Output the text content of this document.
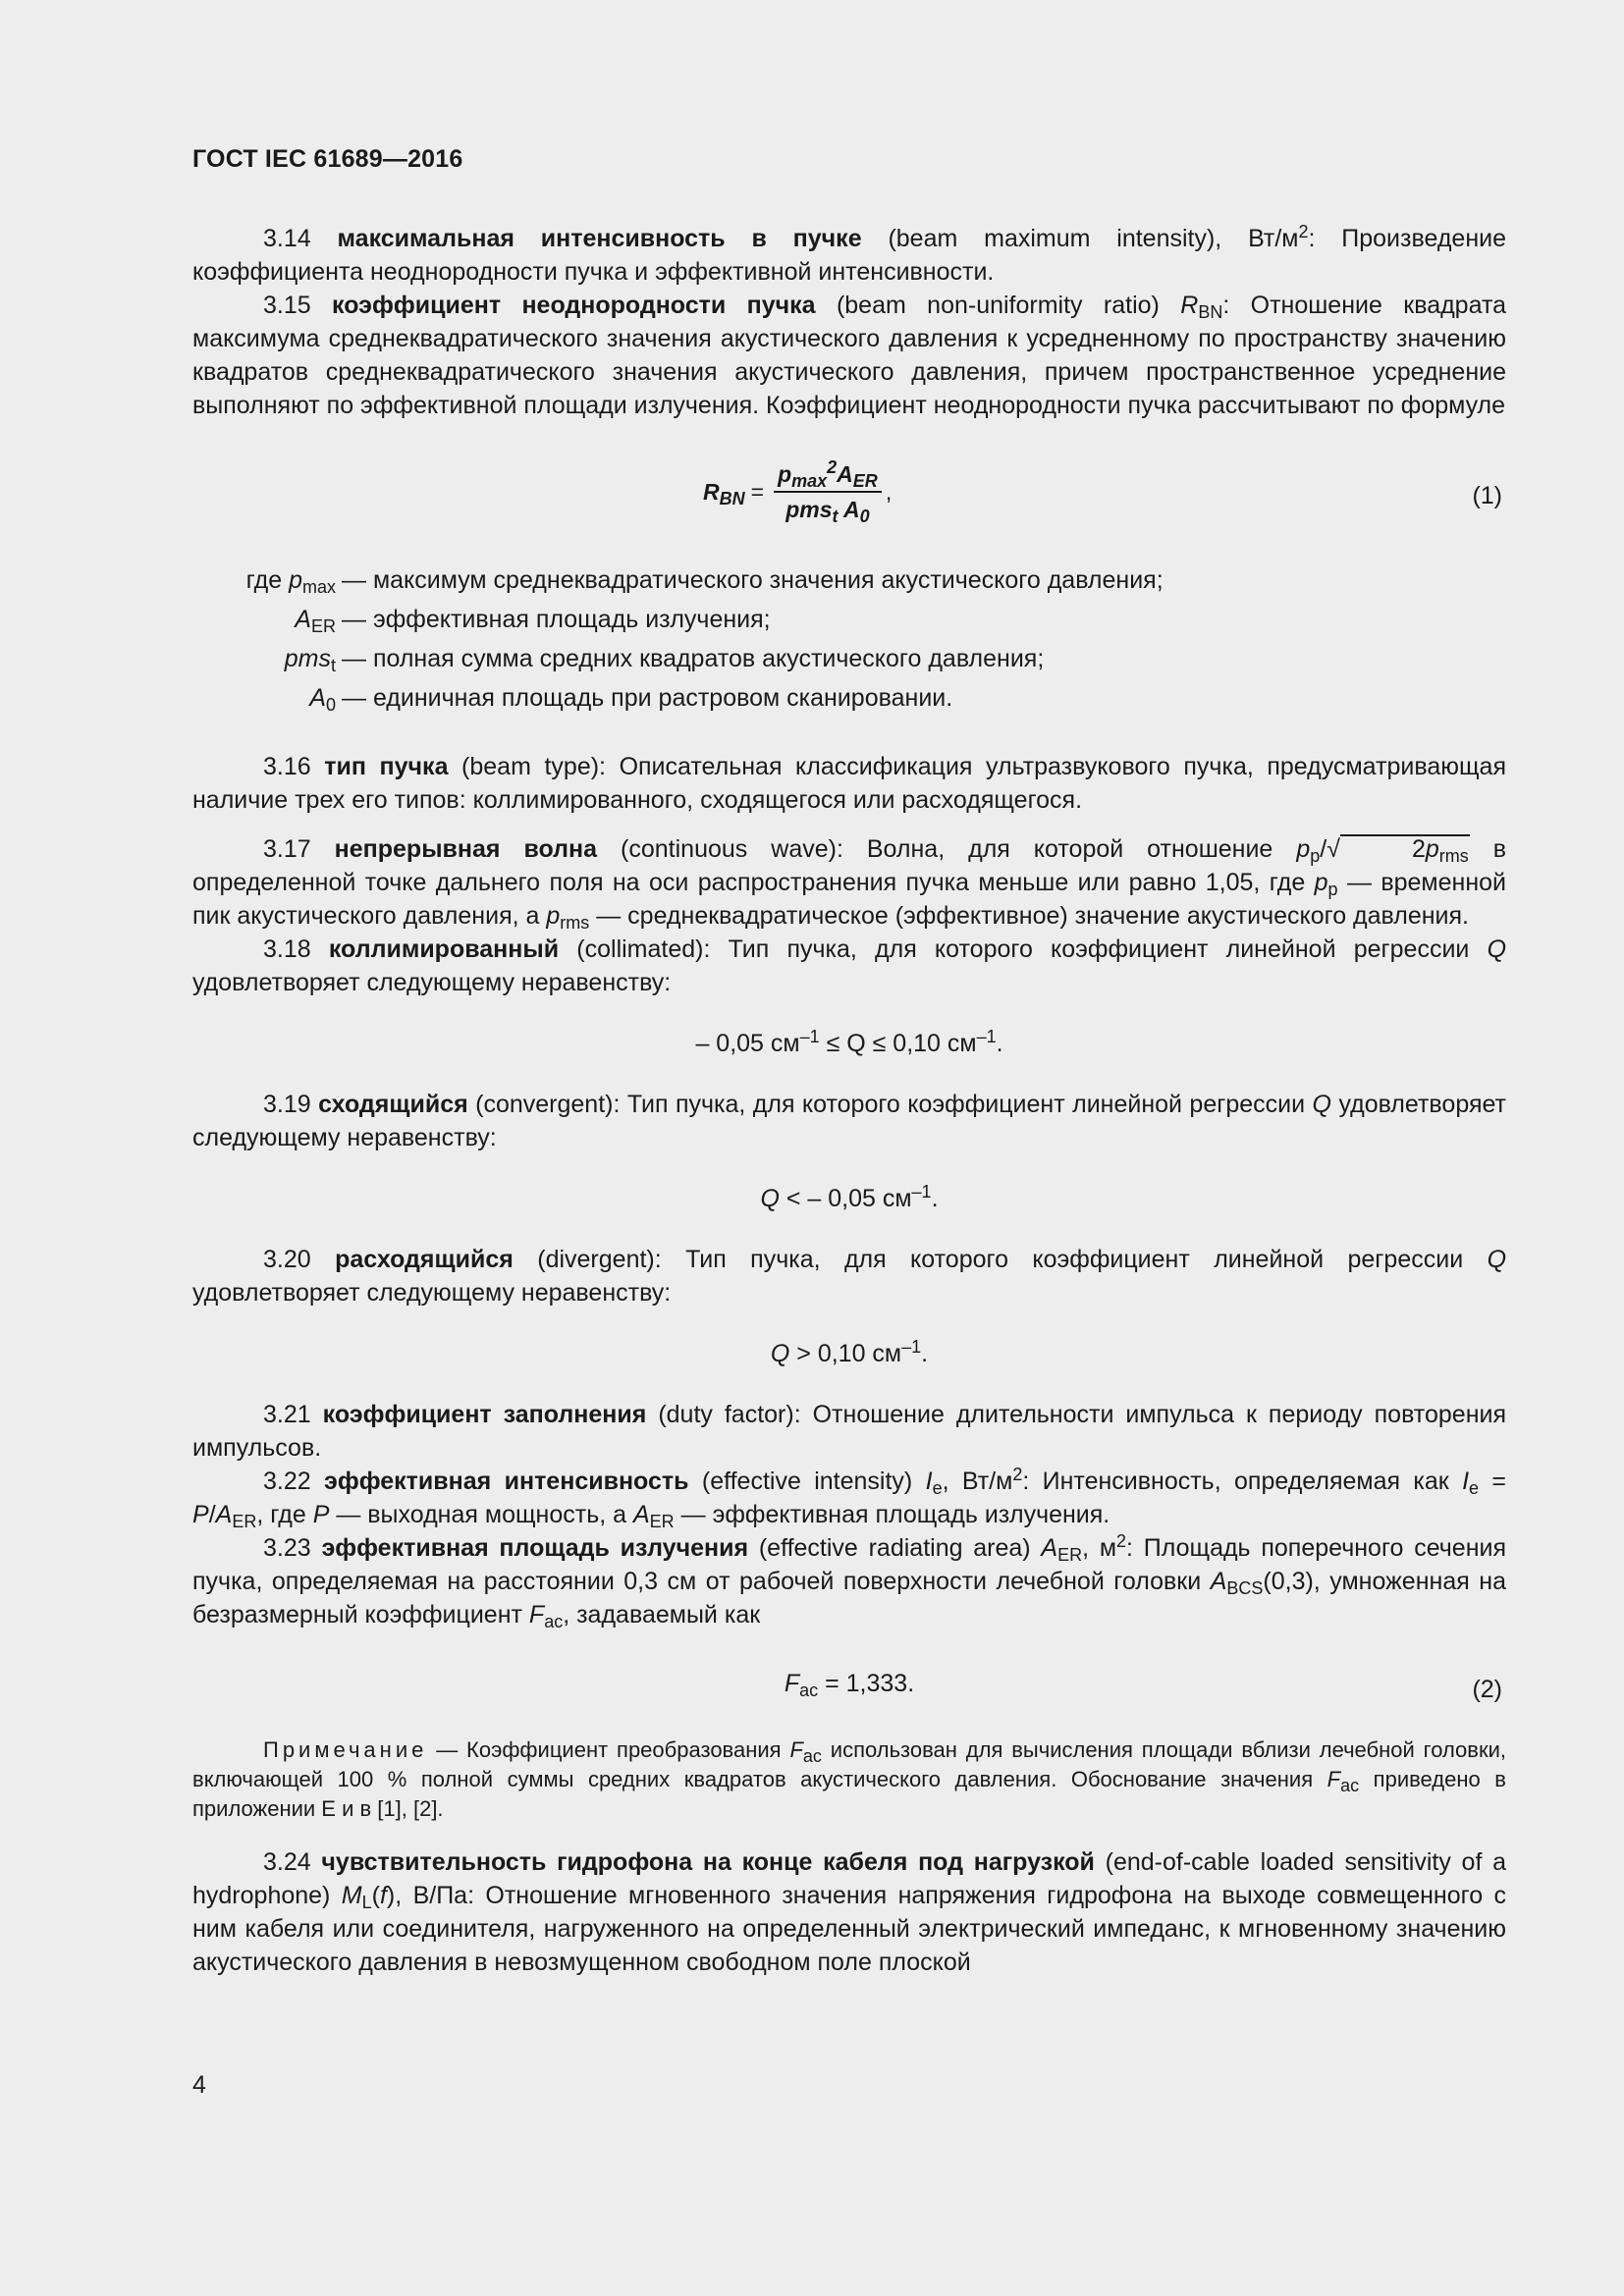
ГОСТ IEC 61689—2016

3.14 максимальная интенсивность в пучке (beam maximum intensity), $Вт/м^2$: Произведение коэффициента неоднородности пучка и эффективной интенсивности.

3.15 коэффициент неоднородности пучка (beam non-uniformity ratio) $R_{BN}$: Отношение квадрата максимума среднеквадратического значения акустического давления к усредненному по пространству значению квадратов среднеквадратического значения акустического давления, причем пространственное усреднение выполняют по эффективной площади излучения. Коэффициент неоднородности пучка рассчитывают по формуле

$R_{BN} = \frac{p_{max}^2A_{ER}}{pms_t A_0}$ ,	(1)
где $p_{max}$ — максимум среднеквадратического значения акустического давления;
$A_{ER}$ — эффективная площадь излучения;
pms$_t$ — полная сумма средних квадратов акустического давления;
$A_0$ — единичная площадь при растровом сканировании.

3.16 тип пучка (beam type): Описательная классификация ультразвукового пучка, предусматривающая наличие трех его типов: коллимированного, сходящегося или расходящегося.

3.17 непрерывная волна (continuous wave): Волна, для которой отношение $p_p/√$	$2p_{rms}$ в определенной точке дальнего поля на оси распространения пучка меньше или равно 1,05, где $p_p$ — временной пик акустического давления, а $p_{rms}$ — среднеквадратическое (эффективное) значение акустического давления.

3.18 коллимированный (collimated): Тип пучка, для которого коэффициент линейной регрессии Q удовлетворяет следующему неравенству:

– 0,05 $см^{-1} \le Q \le 0,10$ $см^{-1}$.

3.19 сходящийся (convergent): Тип пучка, для которого коэффициент линейной регрессии Q удовлетворяет следующему неравенству:

Q < – 0,05 $см^{-1}$.

3.20 расходящийся (divergent): Тип пучка, для которого коэффициент линейной регрессии Q удовлетворяет следующему неравенству:

Q > 0,10 $см^{-1}$.

3.21 коэффициент заполнения (duty factor): Отношение длительности импульса к периоду повторения импульсов.

3.22 эффективная интенсивность (effective intensity) $I_e$, $Вт/м^2$: Интенсивность, определяемая как $I_e = P/A_{ER}$, где P — выходная мощность, а $A_{ER}$ — эффективная площадь излучения.

3.23 эффективная площадь излучения (effective radiating area) $A_{ER}$, $м^2$: Площадь поперечного сечения пучка, определяемая на расстоянии 0,3 см от рабочей поверхности лечебной головки $A_{BCS}(0,3)$, умноженная на безразмерный коэффициент $F_{ac}$, задаваемый как

$F_{ac} = 1,333$.	(2)

Примечание — Коэффициент преобразования $F_{ac}$ использован для вычисления площади вблизи лечебной головки, включающей 100 % полной суммы средних квадратов акустического давления. Обоснование значения $F_{ac}$ приведено в приложении Е и в [1], [2].

3.24 чувствительность гидрофона на конце кабеля под нагрузкой (end-of-cable loaded sensitivity of a hydrophone) $M_L(f)$, В/Па: Отношение мгновенного значения напряжения гидрофона на выходе совмещенного с ним кабеля или соединителя, нагруженного на определенный электрический импеданс, к мгновенному значению акустического давления в невозмущенном свободном поле плоской

4
